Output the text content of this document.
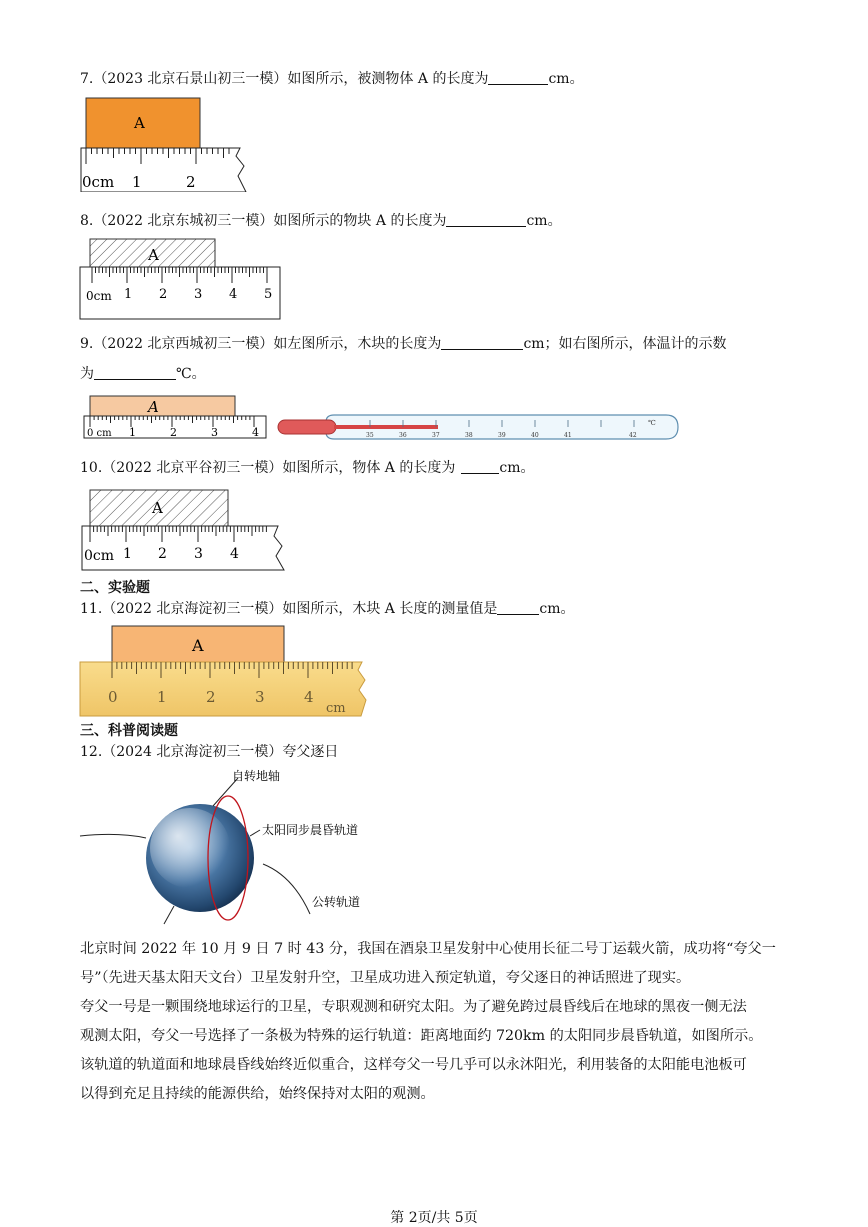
7.（2023 北京石景山初三一模）如图所示，被测物体 A 的长度为	cm。
A
0cm 1	2
8.（2022 北京东城初三一模）如图所示的物块 A 的长度为	cm。
A
0cm 1 2 3 4 5
9.（2022 北京西城初三一模）如左图所示，木块的长度为	cm；如右图所示，体温计的示数
为	℃。
A
0 cm 1	2	3	4	35	36	37	38	39	40	41	42
℃
10.（2022 北京平谷初三一模）如图所示，物体 A 的长度为	cm。
A
0cm 1 2 3 4
二、实验题
11.（2022 北京海淀初三一模）如图所示，木块 A 长度的测量值是	cm。
A
0	1	2	3	4
cm
三、科普阅读题
12.（2024 北京海淀初三一模）夸父逐日
自转地轴
太阳同步晨昏轨道
公转轨道
北京时间 2022 年 10 月 9 日 7 时 43 分，我国在酒泉卫星发射中心使用长征二号丁运载火箭，成功将“夸父一
号”（先进天基太阳天文台）卫星发射升空，卫星成功进入预定轨道，夸父逐日的神话照进了现实。
夸父一号是一颗围绕地球运行的卫星，专职观测和研究太阳。为了避免跨过晨昏线后在地球的黑夜一侧无法
观测太阳，夸父一号选择了一条极为特殊的运行轨道：距离地面约 720km 的太阳同步晨昏轨道，如图所示。
该轨道的轨道面和地球晨昏线始终近似重合，这样夸父一号几乎可以永沐阳光，利用装备的太阳能电池板可
以得到充足且持续的能源供给，始终保持对太阳的观测。
第 2页/共 5页
